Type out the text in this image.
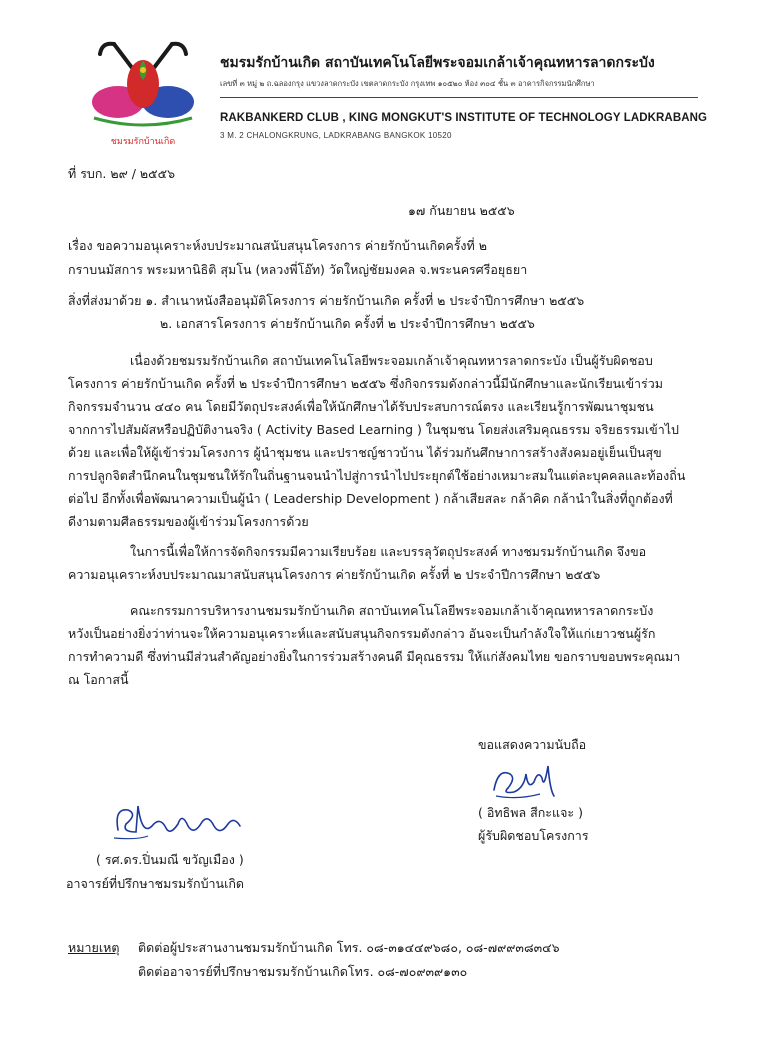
ชมรมรักบ้านเกิด
ชมรมรักบ้านเกิด สถาบันเทคโนโลยีพระจอมเกล้าเจ้าคุณทหารลาดกระบัง
เลขที่ ๓ หมู่ ๒ ถ.ฉลองกรุง แขวงลาดกระบัง เขตลาดกระบัง กรุงเทพ ๑๐๕๒๐ ห้อง ๓๐๔ ชั้น ๓ อาคารกิจกรรมนักศึกษา
RAKBANKERD CLUB , KING MONGKUT'S INSTITUTE OF TECHNOLOGY LADKRABANG
3 M. 2 CHALONGKRUNG, LADKRABANG BANGKOK 10520
ที่ รบก. ๒๙ / ๒๕๕๖
๑๗ กันยายน ๒๕๕๖
เรื่อง ขอความอนุเคราะห์งบประมาณสนับสนุนโครงการ ค่ายรักบ้านเกิดครั้งที่ ๒
กราบนมัสการ พระมหานิธิติ สุมโน (หลวงพี่โอ๊ท) วัดใหญ่ชัยมงคล จ.พระนครศรีอยุธยา
สิ่งที่ส่งมาด้วย ๑. สำเนาหนังสืออนุมัติโครงการ ค่ายรักบ้านเกิด ครั้งที่ ๒ ประจำปีการศึกษา ๒๕๕๖
๒. เอกสารโครงการ ค่ายรักบ้านเกิด ครั้งที่ ๒ ประจำปีการศึกษา ๒๕๕๖
เนื่องด้วยชมรมรักบ้านเกิด สถาบันเทคโนโลยีพระจอมเกล้าเจ้าคุณทหารลาดกระบัง เป็นผู้รับผิดชอบ
โครงการ ค่ายรักบ้านเกิด ครั้งที่ ๒ ประจำปีการศึกษา ๒๕๕๖ ซึ่งกิจกรรมดังกล่าวนี้มีนักศึกษาและนักเรียนเข้าร่วม
กิจกรรมจำนวน ๔๔๐ คน โดยมีวัตถุประสงค์เพื่อให้นักศึกษาได้รับประสบการณ์ตรง และเรียนรู้การพัฒนาชุมชน
จากการไปสัมผัสหรือปฏิบัติงานจริง ( Activity Based Learning ) ในชุมชน โดยส่งเสริมคุณธรรม จริยธรรมเข้าไป
ด้วย และเพื่อให้ผู้เข้าร่วมโครงการ ผู้นำชุมชน และปราชญ์ชาวบ้าน ได้ร่วมกันศึกษาการสร้างสังคมอยู่เย็นเป็นสุข
การปลูกจิตสำนึกคนในชุมชนให้รักในถิ่นฐานจนนำไปสู่การนำไปประยุกต์ใช้อย่างเหมาะสมในแต่ละบุคคลและท้องถิ่น
ต่อไป อีกทั้งเพื่อพัฒนาความเป็นผู้นำ ( Leadership Development ) กล้าเสียสละ กล้าคิด กล้านำในสิ่งที่ถูกต้องที่
ดีงามตามศีลธรรมของผู้เข้าร่วมโครงการด้วย
ในการนี้เพื่อให้การจัดกิจกรรมมีความเรียบร้อย และบรรลุวัตถุประสงค์ ทางชมรมรักบ้านเกิด จึงขอ
ความอนุเคราะห์งบประมาณมาสนับสนุนโครงการ ค่ายรักบ้านเกิด ครั้งที่ ๒ ประจำปีการศึกษา ๒๕๕๖
คณะกรรมการบริหารงานชมรมรักบ้านเกิด สถาบันเทคโนโลยีพระจอมเกล้าเจ้าคุณทหารลาดกระบัง
หวังเป็นอย่างยิ่งว่าท่านจะให้ความอนุเคราะห์และสนับสนุนกิจกรรมดังกล่าว อันจะเป็นกำลังใจให้แก่เยาวชนผู้รัก
การทำความดี ซึ่งท่านมีส่วนสำคัญอย่างยิ่งในการร่วมสร้างคนดี มีคุณธรรม ให้แก่สังคมไทย ขอกราบขอบพระคุณมา
ณ โอกาสนี้
ขอแสดงความนับถือ
( อิทธิพล สีกะแจะ )
ผู้รับผิดชอบโครงการ
( รศ.ดร.ปิ่นมณี ขวัญเมือง )
อาจารย์ที่ปรึกษาชมรมรักบ้านเกิด
หมายเหตุ ติดต่อผู้ประสานงานชมรมรักบ้านเกิด โทร. ๐๘-๓๑๔๔๙๖๘๐, ๐๘-๗๙๙๓๘๓๔๖
ติดต่ออาจารย์ที่ปรึกษาชมรมรักบ้านเกิดโทร. ๐๘-๗๐๙๓๙๑๓๐
